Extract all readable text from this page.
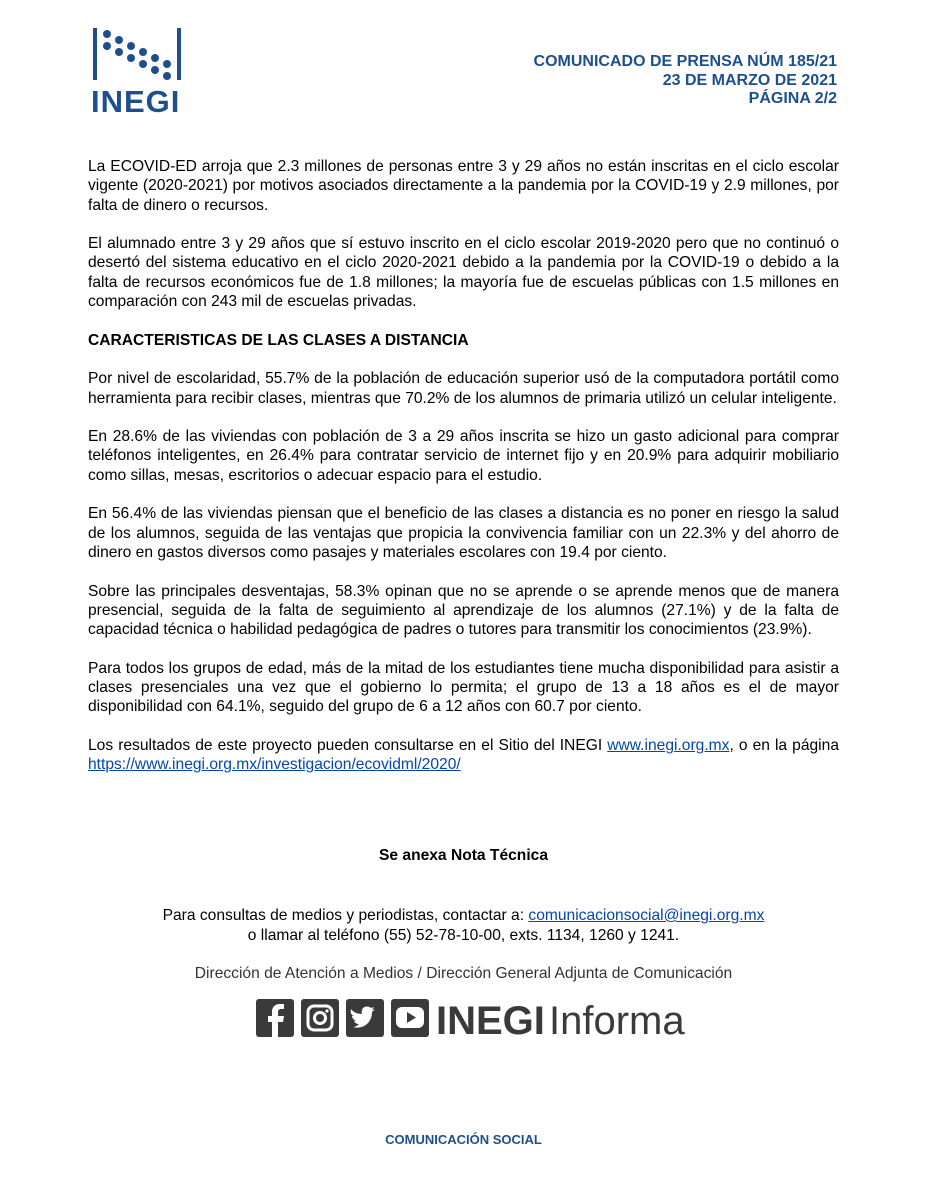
INEGI
COMUNICADO DE PRENSA NÚM 185/21
23 DE MARZO DE 2021
PÁGINA 2/2

La ECOVID-ED arroja que 2.3 millones de personas entre 3 y 29 años no están inscritas en el ciclo escolar vigente (2020-2021) por motivos asociados directamente a la pandemia por la COVID-19 y 2.9 millones, por falta de dinero o recursos.

El alumnado entre 3 y 29 años que sí estuvo inscrito en el ciclo escolar 2019-2020 pero que no continuó o desertó del sistema educativo en el ciclo 2020-2021 debido a la pandemia por la COVID-19 o debido a la falta de recursos económicos fue de 1.8 millones; la mayoría fue de escuelas públicas con 1.5 millones en comparación con 243 mil de escuelas privadas.

CARACTERISTICAS DE LAS CLASES A DISTANCIA

Por nivel de escolaridad, 55.7% de la población de educación superior usó de la computadora portátil como herramienta para recibir clases, mientras que 70.2% de los alumnos de primaria utilizó un celular inteligente.

En 28.6% de las viviendas con población de 3 a 29 años inscrita se hizo un gasto adicional para comprar teléfonos inteligentes, en 26.4% para contratar servicio de internet fijo y en 20.9% para adquirir mobiliario como sillas, mesas, escritorios o adecuar espacio para el estudio.

En 56.4% de las viviendas piensan que el beneficio de las clases a distancia es no poner en riesgo la salud de los alumnos, seguida de las ventajas que propicia la convivencia familiar con un 22.3% y del ahorro de dinero en gastos diversos como pasajes y materiales escolares con 19.4 por ciento.

Sobre las principales desventajas, 58.3% opinan que no se aprende o se aprende menos que de manera presencial, seguida de la falta de seguimiento al aprendizaje de los alumnos (27.1%) y de la falta de capacidad técnica o habilidad pedagógica de padres o tutores para transmitir los conocimientos (23.9%).

Para todos los grupos de edad, más de la mitad de los estudiantes tiene mucha disponibilidad para asistir a clases presenciales una vez que el gobierno lo permita; el grupo de 13 a 18 años es el de mayor disponibilidad con 64.1%, seguido del grupo de 6 a 12 años con 60.7 por ciento.

Los resultados de este proyecto pueden consultarse en el Sitio del INEGI www.inegi.org.mx, o en la página https://www.inegi.org.mx/investigacion/ecovidml/2020/

Se anexa Nota Técnica
Para consultas de medios y periodistas, contactar a: comunicacionsocial@inegi.org.mx
o llamar al teléfono (55) 52-78-10-00, exts. 1134, 1260 y 1241.
Dirección de Atención a Medios / Dirección General Adjunta de Comunicación
INEGI Informa
COMUNICACIÓN SOCIAL
